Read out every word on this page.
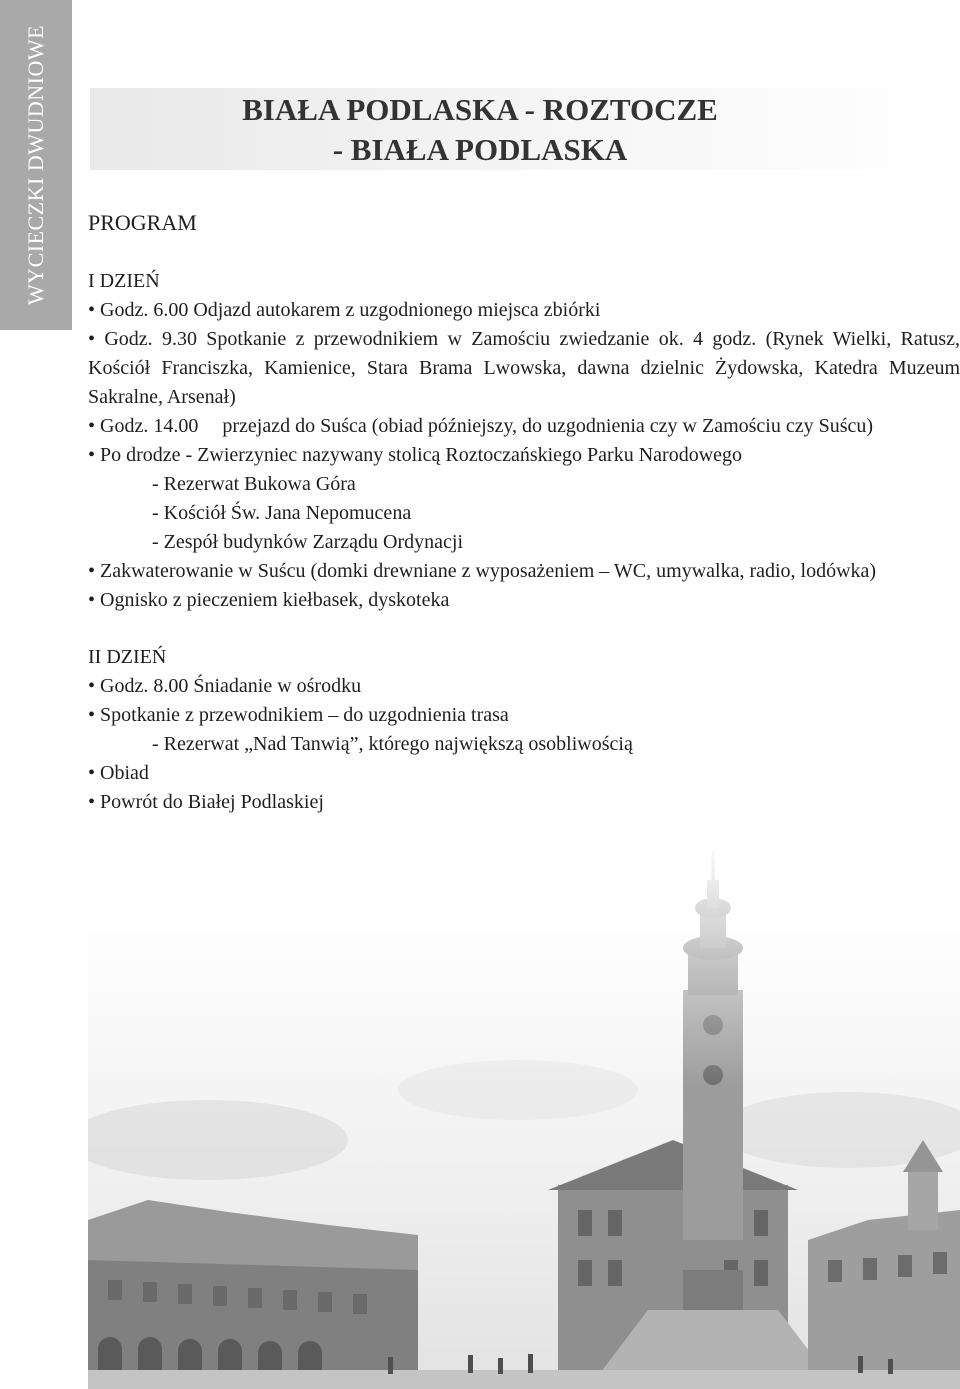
WYCIECZKI DWUDNIOWE	BIAŁA PODLASKA - ROZTOCZE
- BIAŁA PODLASKA

PROGRAM

I DZIEŃ

• Godz. 6.00 Odjazd autokarem z uzgodnionego miejsca zbiórki

• Godz. 9.30 Spotkanie z przewodnikiem w Zamościu zwiedzanie ok. 4 godz. (Rynek Wielki, Ratusz, Kościół Franciszka, Kamienice, Stara Brama Lwowska, dawna dzielnic Żydowska, Katedra Muzeum Sakralne, Arsenał)

• Godz. 14.00 przejazd do Suśca (obiad późniejszy, do uzgodnienia czy w Zamościu czy Suścu)

• Po drodze - Zwierzyniec nazywany stolicą Roztoczańskiego Parku Narodowego

- Rezerwat Bukowa Góra

- Kościół Św. Jana Nepomucena

- Zespół budynków Zarządu Ordynacji

• Zakwaterowanie w Suścu (domki drewniane z wyposażeniem – WC, umywalka, radio, lodówka)

• Ognisko z pieczeniem kiełbasek, dyskoteka

II DZIEŃ

• Godz. 8.00 Śniadanie w ośrodku

• Spotkanie z przewodnikiem – do uzgodnienia trasa

- Rezerwat „Nad Tanwią”, którego największą osobliwością

• Obiad

• Powrót do Białej Podlaskiej
